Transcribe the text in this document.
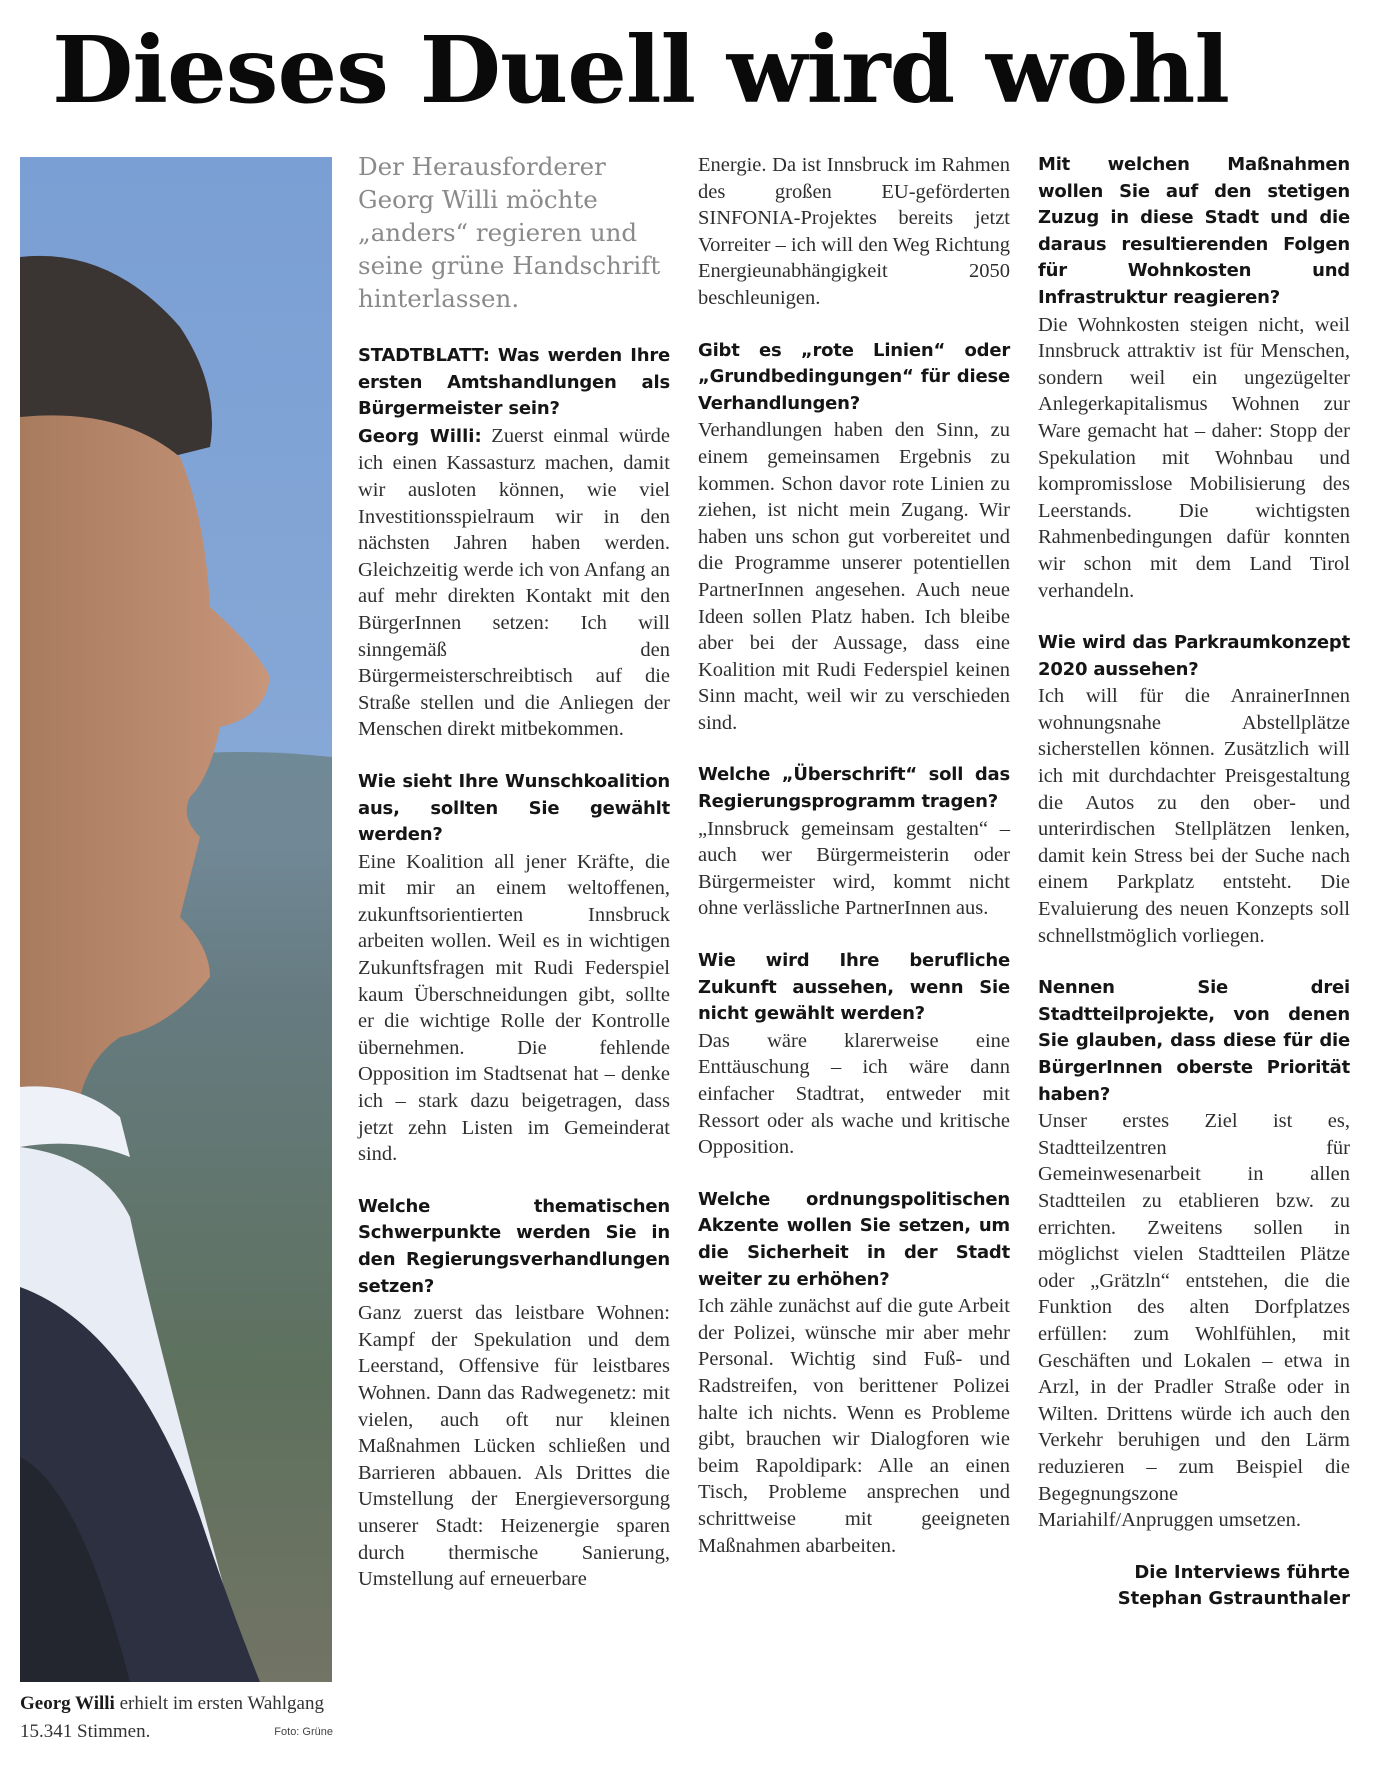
Dieses Duell wird wohl
Georg Willi erhielt im ersten Wahlgang 15.341 Stimmen.	Foto: Grüne

Der Herausforderer Georg Willi möchte „anders“ regieren und seine grüne Handschrift hinterlassen.

STADTBLATT: Was werden Ihre ersten Amtshandlungen als Bürgermeister sein?

Georg Willi: Zuerst einmal würde ich einen Kassasturz machen, damit wir ausloten können, wie viel Investitionsspielraum wir in den nächsten Jahren haben werden. Gleichzeitig werde ich von Anfang an auf mehr direkten Kontakt mit den BürgerInnen setzen: Ich will sinngemäß den Bürgermeisterschreibtisch auf die Straße stellen und die Anliegen der Menschen direkt mitbekommen.

Wie sieht Ihre Wunschkoalition aus, sollten Sie gewählt werden?

Eine Koalition all jener Kräfte, die mit mir an einem weltoffenen, zukunftsorientierten Innsbruck arbeiten wollen. Weil es in wichtigen Zukunftsfragen mit Rudi Federspiel kaum Überschneidungen gibt, sollte er die wichtige Rolle der Kontrolle übernehmen. Die fehlende Opposition im Stadtsenat hat – denke ich – stark dazu beigetragen, dass jetzt zehn Listen im Gemeinderat sind.

Welche thematischen Schwerpunkte werden Sie in den Regierungsverhandlungen setzen?

Ganz zuerst das leistbare Wohnen: Kampf der Spekulation und dem Leerstand, Offensive für leistbares Wohnen. Dann das Radwegenetz: mit vielen, auch oft nur kleinen Maßnahmen Lücken schließen und Barrieren abbauen. Als Drittes die Umstellung der Energieversorgung unserer Stadt: Heizenergie sparen durch thermische Sanierung, Umstellung auf erneuerbare

Energie. Da ist Innsbruck im Rahmen des großen EU-geförderten SINFONIA-Projektes bereits jetzt Vorreiter – ich will den Weg Richtung Energieunabhängigkeit 2050 beschleunigen.

Gibt es „rote Linien“ oder „Grundbedingungen“ für diese Verhandlungen?

Verhandlungen haben den Sinn, zu einem gemeinsamen Ergebnis zu kommen. Schon davor rote Linien zu ziehen, ist nicht mein Zugang. Wir haben uns schon gut vorbereitet und die Programme unserer potentiellen PartnerInnen angesehen. Auch neue Ideen sollen Platz haben. Ich bleibe aber bei der Aussage, dass eine Koalition mit Rudi Federspiel keinen Sinn macht, weil wir zu verschieden sind.

Welche „Überschrift“ soll das Regierungsprogramm tragen?

„Innsbruck gemeinsam gestalten“ – auch wer Bürgermeisterin oder Bürgermeister wird, kommt nicht ohne verlässliche PartnerInnen aus.

Wie wird Ihre berufliche Zukunft aussehen, wenn Sie nicht gewählt werden?

Das wäre klarerweise eine Enttäuschung – ich wäre dann einfacher Stadtrat, entweder mit Ressort oder als wache und kritische Opposition.

Welche ordnungspolitischen Akzente wollen Sie setzen, um die Sicherheit in der Stadt weiter zu erhöhen?

Ich zähle zunächst auf die gute Arbeit der Polizei, wünsche mir aber mehr Personal. Wichtig sind Fuß- und Radstreifen, von berittener Polizei halte ich nichts. Wenn es Probleme gibt, brauchen wir Dialogforen wie beim Rapoldipark: Alle an einen Tisch, Probleme ansprechen und schrittweise mit geeigneten Maßnahmen abarbeiten.

Mit welchen Maßnahmen wollen Sie auf den stetigen Zuzug in diese Stadt und die daraus resultierenden Folgen für Wohnkosten und Infrastruktur reagieren?

Die Wohnkosten steigen nicht, weil Innsbruck attraktiv ist für Menschen, sondern weil ein ungezügelter Anlegerkapitalismus Wohnen zur Ware gemacht hat – daher: Stopp der Spekulation mit Wohnbau und kompromisslose Mobilisierung des Leerstands. Die wichtigsten Rahmenbedingungen dafür konnten wir schon mit dem Land Tirol verhandeln.

Wie wird das Parkraumkonzept 2020 aussehen?

Ich will für die AnrainerInnen wohnungsnahe Abstellplätze sicherstellen können. Zusätzlich will ich mit durchdachter Preisgestaltung die Autos zu den ober- und unterirdischen Stellplätzen lenken, damit kein Stress bei der Suche nach einem Parkplatz entsteht. Die Evaluierung des neuen Konzepts soll schnellstmöglich vorliegen.

Nennen Sie drei Stadtteilprojekte, von denen Sie glauben, dass diese für die BürgerInnen oberste Priorität haben?

Unser erstes Ziel ist es, Stadtteilzentren für Gemeinwesenarbeit in allen Stadtteilen zu etablieren bzw. zu errichten. Zweitens sollen in möglichst vielen Stadtteilen Plätze oder „Grätzln“ entstehen, die die Funktion des alten Dorfplatzes erfüllen: zum Wohlfühlen, mit Geschäften und Lokalen – etwa in Arzl, in der Pradler Straße oder in Wilten. Drittens würde ich auch den Verkehr beruhigen und den Lärm reduzieren – zum Beispiel die Begegnungszone Mariahilf/Anpruggen umsetzen.

Die Interviews führte
Stephan Gstraunthaler
